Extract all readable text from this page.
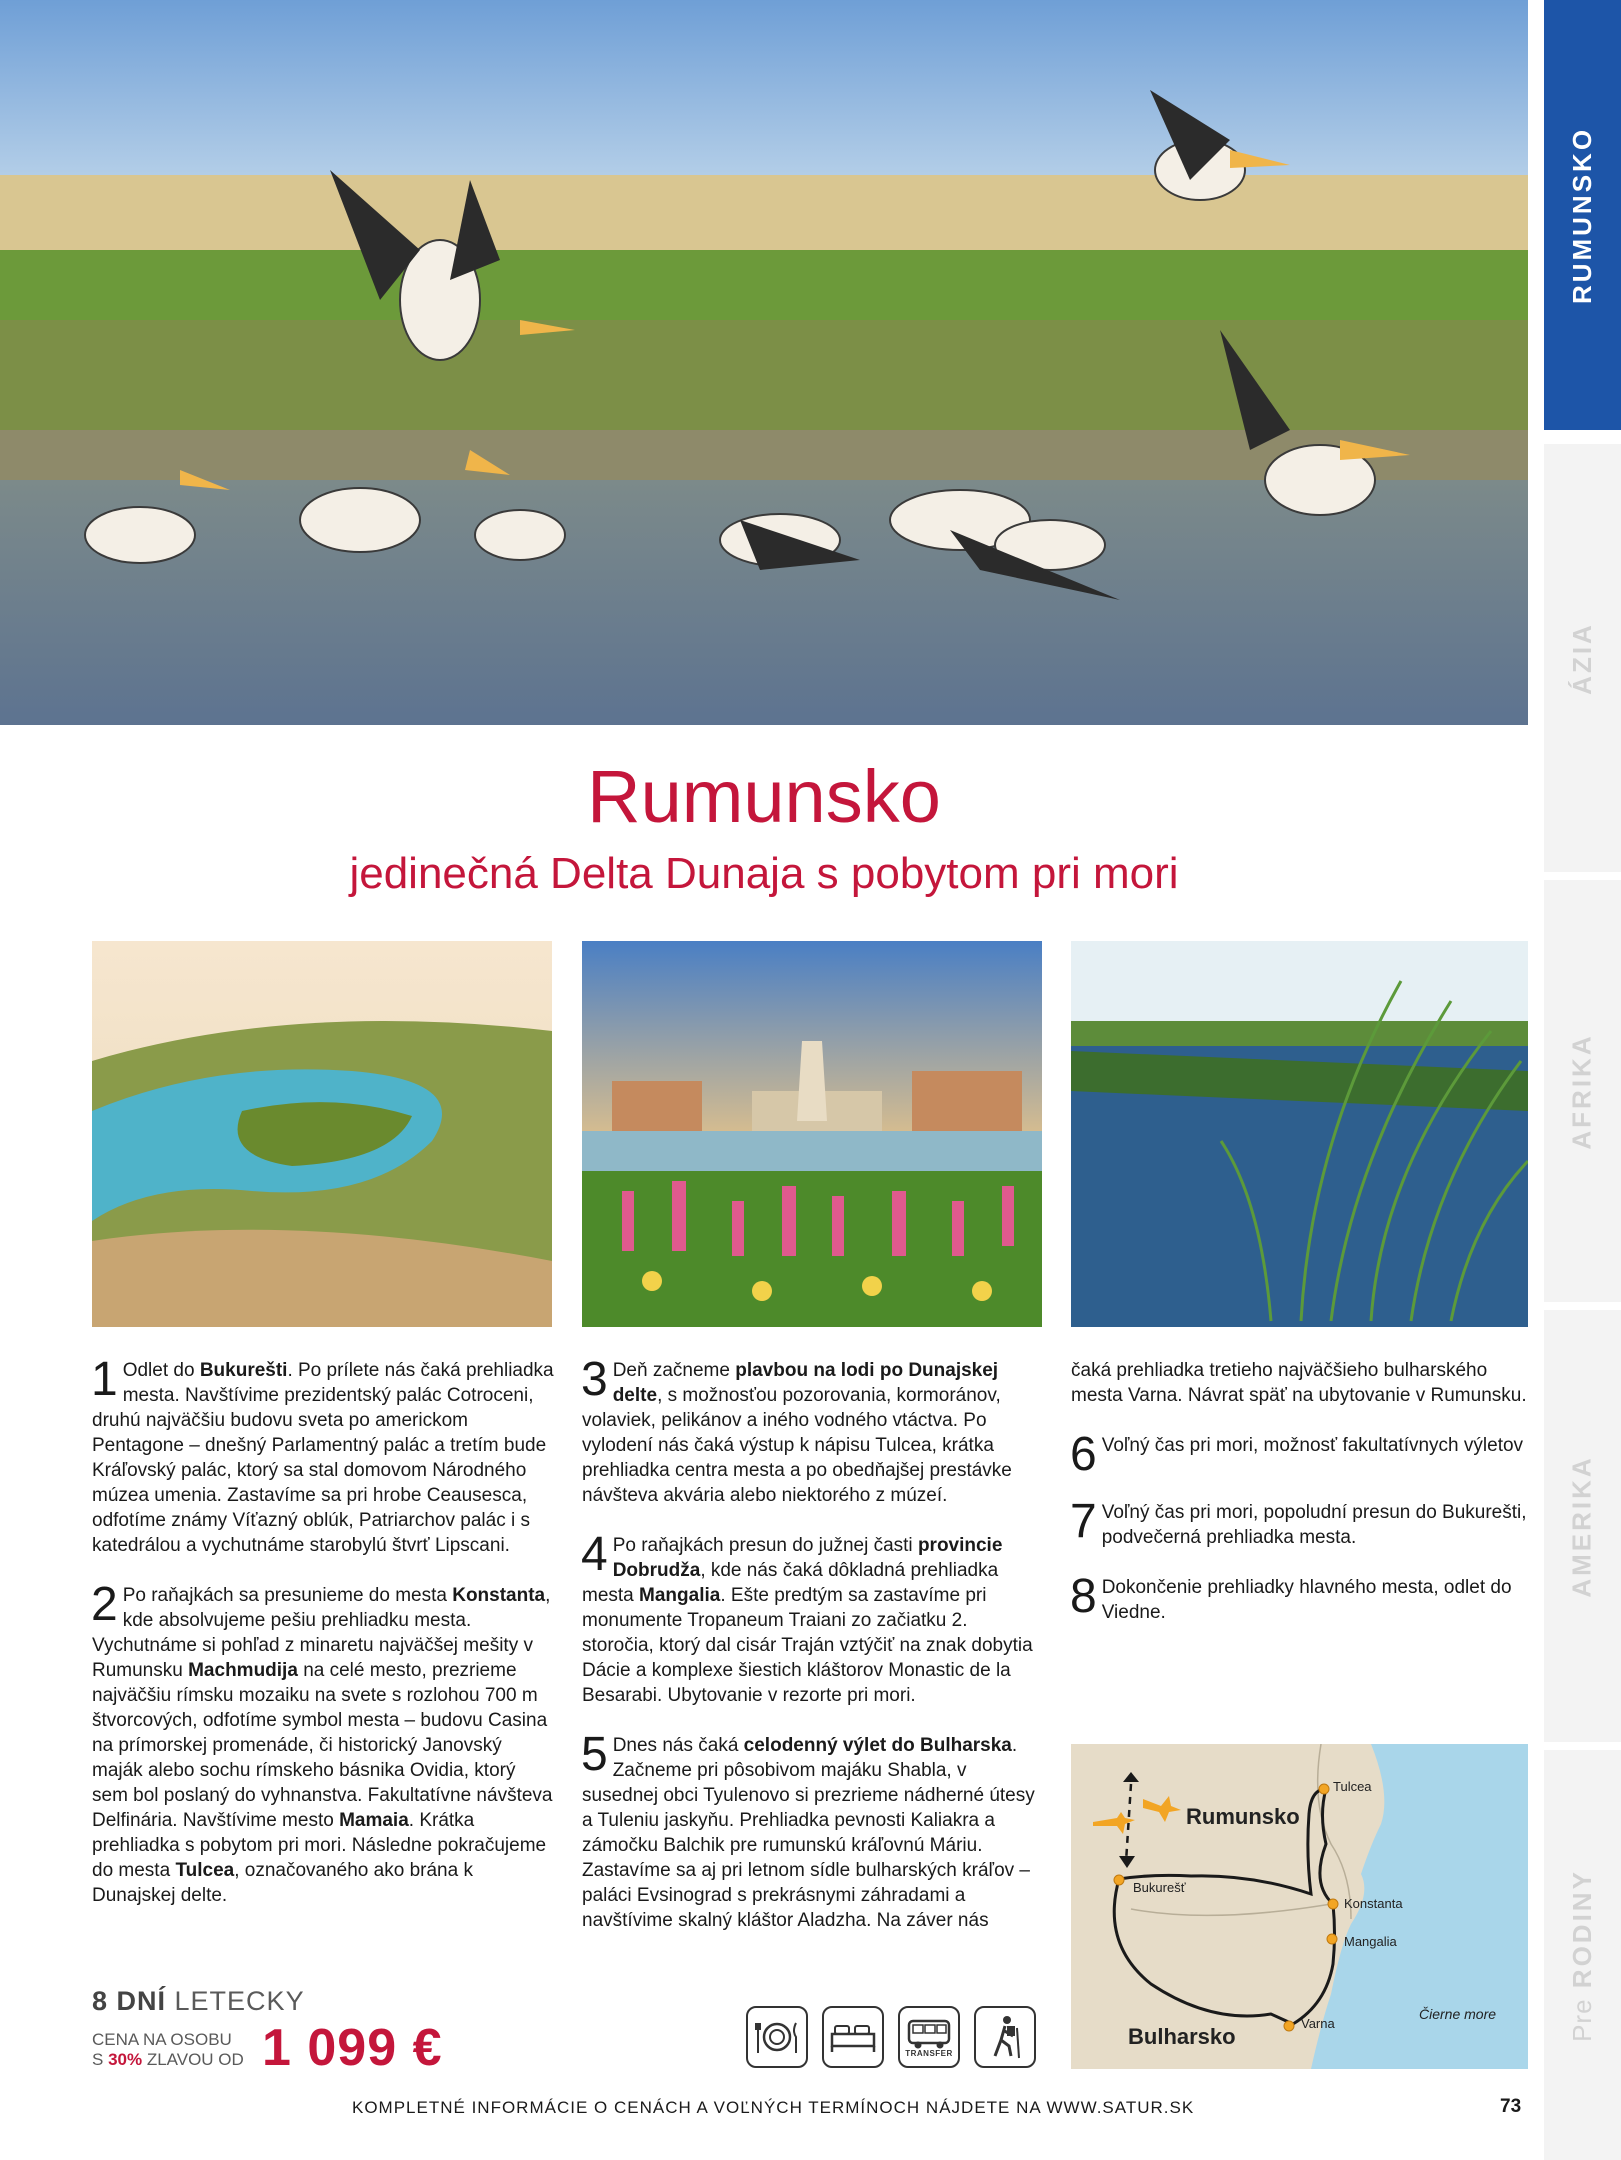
RUMUNSKO
ÁZIA
AFRIKA
AMERIKA
Pre RODINY
Rumunsko
jedinečná Delta Dunaja s pobytom pri mori
1 Odlet do Bukurešti. Po prílete nás čaká prehliadka mesta. Navštívime prezidentský palác Cotroceni, druhú najväčšiu budovu sveta po americkom Pentagone – dnešný Parlamentný palác a tretím bude Kráľovský palác, ktorý sa stal domovom Národného múzea umenia. Zastavíme sa pri hrobe Ceausesca, odfotíme známy Víťazný oblúk, Patriarchov palác i s katedrálou a vychutnáme starobylú štvrť Lipscani.
2 Po raňajkách sa presunieme do mesta Konstanta, kde absolvujeme pešiu prehliadku mesta. Vychutnáme si pohľad z minaretu najväčšej mešity v Rumunsku Machmudija na celé mesto, prezrieme najväčšiu rímsku mozaiku na svete s rozlohou 700 m štvorcových, odfotíme symbol mesta – budovu Casina na prímorskej promenáde, či historický Janovský maják alebo sochu rímskeho básnika Ovidia, ktorý sem bol poslaný do vyhnanstva. Fakultatívne návšteva Delfinária. Navštívime mesto Mamaia. Krátka prehliadka s pobytom pri mori. Následne pokračujeme do mesta Tulcea, označovaného ako brána k Dunajskej delte.
3 Deň začneme plavbou na lodi po Dunajskej delte, s možnosťou pozorovania, kormoránov, volaviek, pelikánov a iného vodného vtáctva. Po vylodení nás čaká výstup k nápisu Tulcea, krátka prehliadka centra mesta a po obedňajšej prestávke návšteva akvária alebo niektorého z múzeí.
4 Po raňajkách presun do južnej časti provincie Dobrudža, kde nás čaká dôkladná prehliadka mesta Mangalia. Ešte predtým sa zastavíme pri monumente Tropaneum Traiani zo začiatku 2. storočia, ktorý dal cisár Traján vztýčiť na znak dobytia Dácie a komplexe šiestich kláštorov Monastic de la Besarabi. Ubytovanie v rezorte pri mori.
5 Dnes nás čaká celodenný výlet do Bulharska. Začneme pri pôsobivom majáku Shabla, v susednej obci Tyulenovo si prezrieme nádherné útesy a Tuleniu jaskyňu. Prehliadka pevnosti Kaliakra a zámočku Balchik pre rumunskú kráľovnú Máriu. Zastavíme sa aj pri letnom sídle bulharských kráľov – paláci Evsinograd s prekrásnymi záhradami a navštívime skalný kláštor Aladzha. Na záver nás
čaká prehliadka tretieho najväčšieho bulharského mesta Varna. Návrat späť na ubytovanie v Rumunsku.
6 Voľný čas pri mori, možnosť fakultatívnych výletov
7 Voľný čas pri mori, popoludní presun do Bukurešti, podvečerná prehliadka mesta.
8 Dokončenie prehliadky hlavného mesta, odlet do Viedne.
8 DNÍ LETECKY
CENA NA OSOBU
S 30% ZLAVOU OD 1 099 €	TRANSFER
Rumunsko
Bulharsko
Čierne more
Tulcea
Bukurešť
Konstanta
Mangalia
Varna
KOMPLETNÉ INFORMÁCIE O CENÁCH A VOĽNÝCH TERMÍNOCH NÁJDETE NA WWW.SATUR.SK	73
